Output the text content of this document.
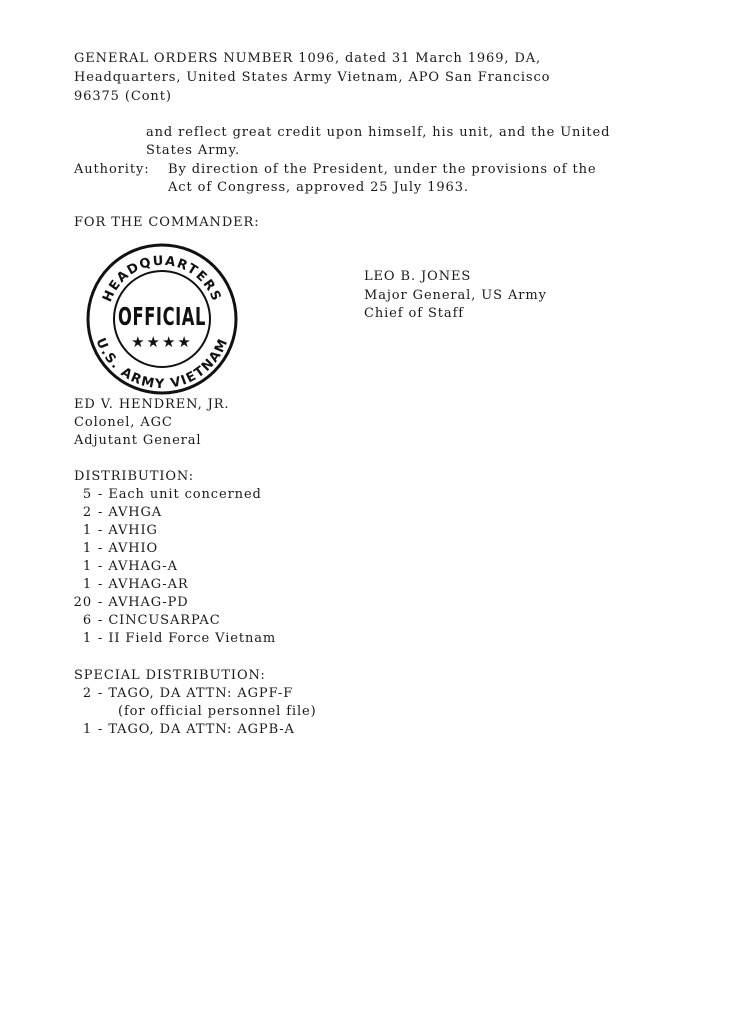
GENERAL ORDERS NUMBER 1096, dated 31 March 1969, DA,
Headquarters, United States Army Vietnam, APO San Francisco
96375 (Cont)
and reflect great credit upon himself, his unit, and the United
States Army.
Authority: By direction of the President, under the provisions of the
Act of Congress, approved 25 July 1963.
FOR THE COMMANDER:
HEADQUARTERS
U.S. ARMY VIETNAM
OFFICIAL
★★★★
LEO B. JONES
Major General, US Army
Chief of Staff
ED V. HENDREN, JR.
Colonel, AGC
Adjutant General
DISTRIBUTION:
5 - Each unit concerned
2 - AVHGA
1 - AVHIG
1 - AVHIO
1 - AVHAG-A
1 - AVHAG-AR
20 - AVHAG-PD
6 - CINCUSARPAC
1 - II Field Force Vietnam
SPECIAL DISTRIBUTION:
2 - TAGO, DA ATTN: AGPF-F
(for official personnel file)
1 - TAGO, DA ATTN: AGPB-A
